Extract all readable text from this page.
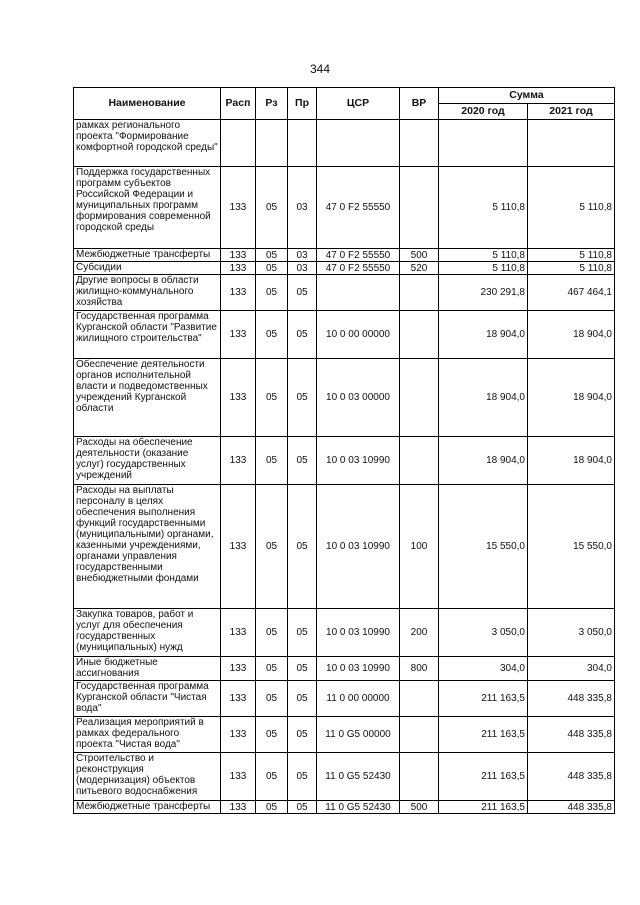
344
Наименование	Расп	Рз	Пр	ЦСР	ВР	Сумма	
						2020 год	2021 год
рамках регионального проекта "Формирование комфортной городской среды"							
Поддержка государственных программ субъектов Российской Федерации и муниципальных программ формирования современной городской среды	133	05	03	47 0 F2 55550		5 110,8	5 110,8
Межбюджетные трансферты	133	05	03	47 0 F2 55550	500	5 110,8	5 110,8
Субсидии	133	05	03	47 0 F2 55550	520	5 110,8	5 110,8
Другие вопросы в области жилищно-коммунального хозяйства	133	05	05			230 291,8	467 464,1
Государственная программа Курганской области "Развитие жилищного строительства"	133	05	05	10 0 00 00000		18 904,0	18 904,0
Обеспечение деятельности органов исполнительной власти и подведомственных учреждений Курганской области	133	05	05	10 0 03 00000		18 904,0	18 904,0
Расходы на обеспечение деятельности (оказание услуг) государственных учреждений	133	05	05	10 0 03 10990		18 904,0	18 904,0
Расходы на выплаты персоналу в целях обеспечения выполнения функций государственными (муниципальными) органами, казенными учреждениями, органами управления государственными внебюджетными фондами	133	05	05	10 0 03 10990	100	15 550,0	15 550,0
Закупка товаров, работ и услуг для обеспечения государственных (муниципальных) нужд	133	05	05	10 0 03 10990	200	3 050,0	3 050,0
Иные бюджетные ассигнования	133	05	05	10 0 03 10990	800	304,0	304,0
Государственная программа Курганской области "Чистая вода"	133	05	05	11 0 00 00000		211 163,5	448 335,8
Реализация мероприятий в рамках федерального проекта "Чистая вода"	133	05	05	11 0 G5 00000		211 163,5	448 335,8
Строительство и реконструкция (модернизация) объектов питьевого водоснабжения	133	05	05	11 0 G5 52430		211 163,5	448 335,8
Межбюджетные трансферты	133	05	05	11 0 G5 52430	500	211 163,5	448 335,8
